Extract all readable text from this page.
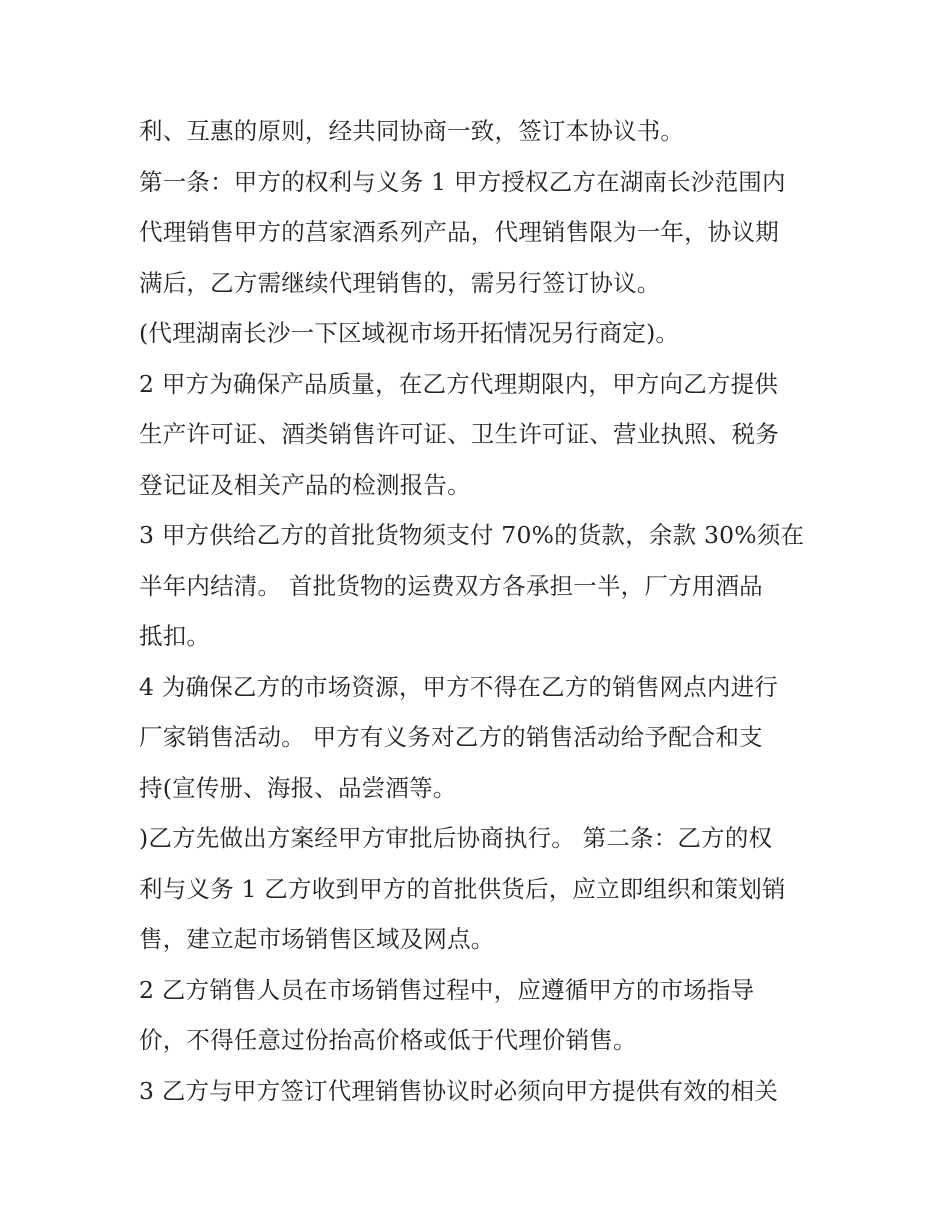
利、互惠的原则，经共同协商一致，签订本协议书。
第一条：甲方的权利与义务 1 甲方授权乙方在湖南长沙范围内
代理销售甲方的莒家酒系列产品，代理销售限为一年，协议期
满后，乙方需继续代理销售的，需另行签订协议。
(代理湖南长沙一下区域视市场开拓情况另行商定)。
2 甲方为确保产品质量，在乙方代理期限内，甲方向乙方提供
生产许可证、酒类销售许可证、卫生许可证、营业执照、税务
登记证及相关产品的检测报告。
3 甲方供给乙方的首批货物须支付 70%的货款，余款 30%须在
半年内结清。 首批货物的运费双方各承担一半，厂方用酒品
抵扣。
4 为确保乙方的市场资源，甲方不得在乙方的销售网点内进行
厂家销售活动。 甲方有义务对乙方的销售活动给予配合和支
持(宣传册、海报、品尝酒等。
)乙方先做出方案经甲方审批后协商执行。 第二条：乙方的权
利与义务 1 乙方收到甲方的首批供货后，应立即组织和策划销
售，建立起市场销售区域及网点。
2 乙方销售人员在市场销售过程中，应遵循甲方的市场指导
价，不得任意过份抬高价格或低于代理价销售。
3 乙方与甲方签订代理销售协议时必须向甲方提供有效的相关
